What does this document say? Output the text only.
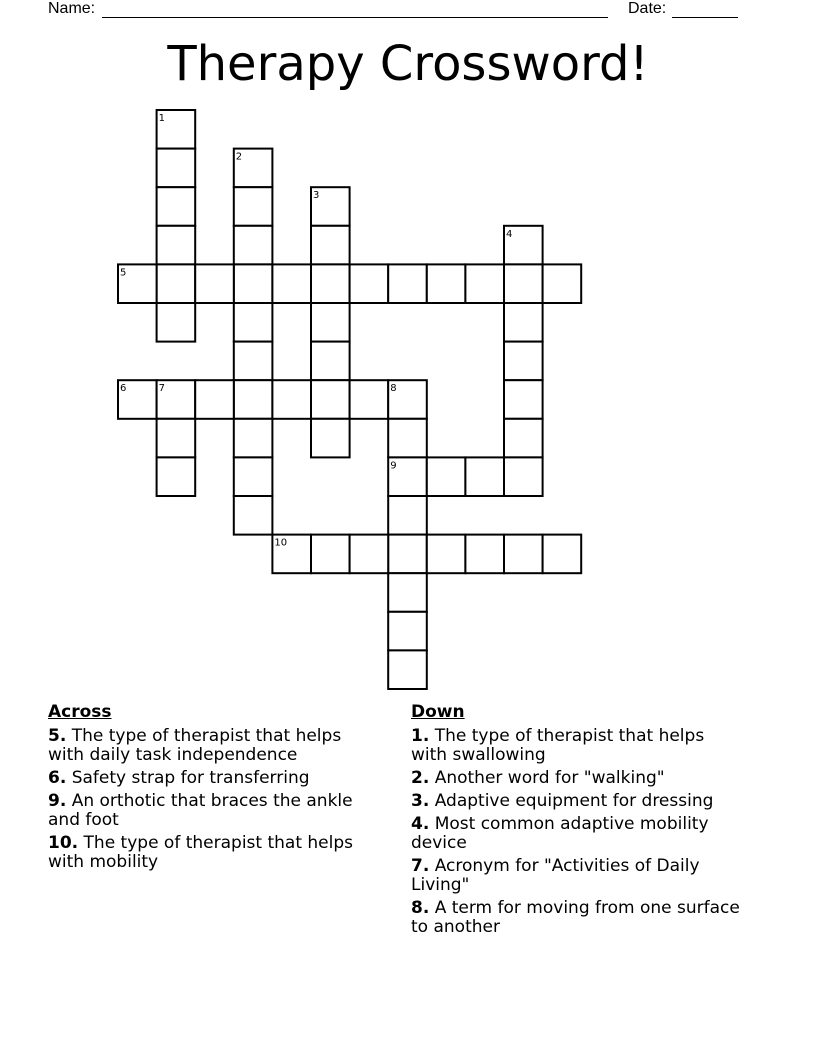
Name:	Date:
Therapy Crossword!
1
2
3
4
5
6	7	8
9
10
Across
5. The type of therapist that helps with daily task independence
6. Safety strap for transferring
9. An orthotic that braces the ankle and foot
10. The type of therapist that helps with mobility
Down
1. The type of therapist that helps with swallowing
2. Another word for "walking"
3. Adaptive equipment for dressing
4. Most common adaptive mobility device
7. Acronym for "Activities of Daily Living"
8. A term for moving from one surface to another
